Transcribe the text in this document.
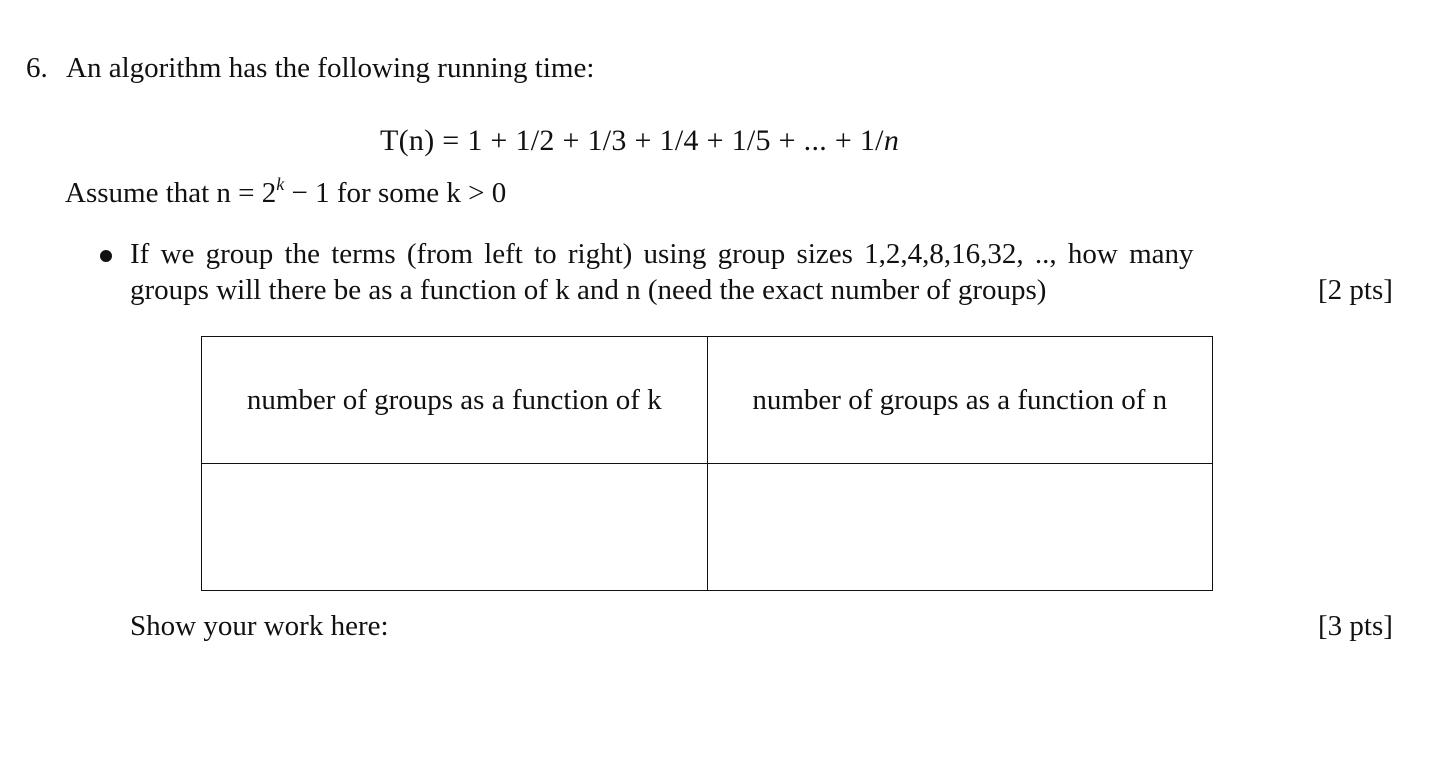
6. An algorithm has the following running time:
T(n) = 1 + 1/2 + 1/3 + 1/4 + 1/5 + ... + 1/n
Assume that $n = 2^k - 1$ for some k > 0
If we group the terms (from left to right) using group sizes 1,2,4,8,16,32, .., how many
groups will there be as a function of k and n (need the exact number of groups)	[2 pts]
number of groups as a function of k	number of groups as a function of n

Show your work here:	[3 pts]
